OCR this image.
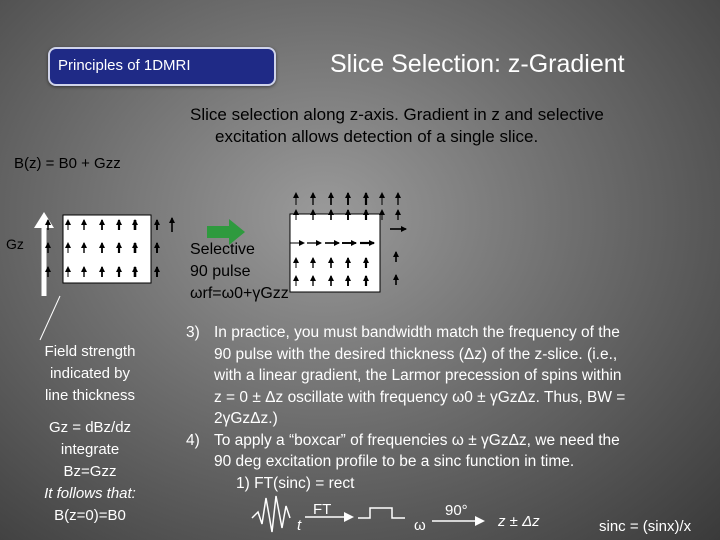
Principles of 1DMRI	Slice Selection: z-Gradient
Slice selection along z-axis. Gradient in z and selective
excitation allows detection of a single slice.
B(z) = B0 + Gzz
Gz	Selective
90 pulse
ωrf=ω0+γGzz
Field strength
indicated by
line thickness
Gz = dBz/dz
integrate
Bz=Gzz
It follows that:
B(z=0)=B0
3) In practice, you must bandwidth match the frequency of the
90 pulse with the desired thickness (Δz) of the z-slice. (i.e.,
with a linear gradient, the Larmor precession of spins within
z = 0 ± Δz oscillate with frequency ω0 ± γGzΔz. Thus, BW =
2γGzΔz.)
4) To apply a “boxcar” of frequencies ω ± γGzΔz, we need the
90 deg excitation profile to be a sinc function in time.
1) FT(sinc) = rect
t
FT
ω
90°
z ± Δz	sinc = (sinx)/x
